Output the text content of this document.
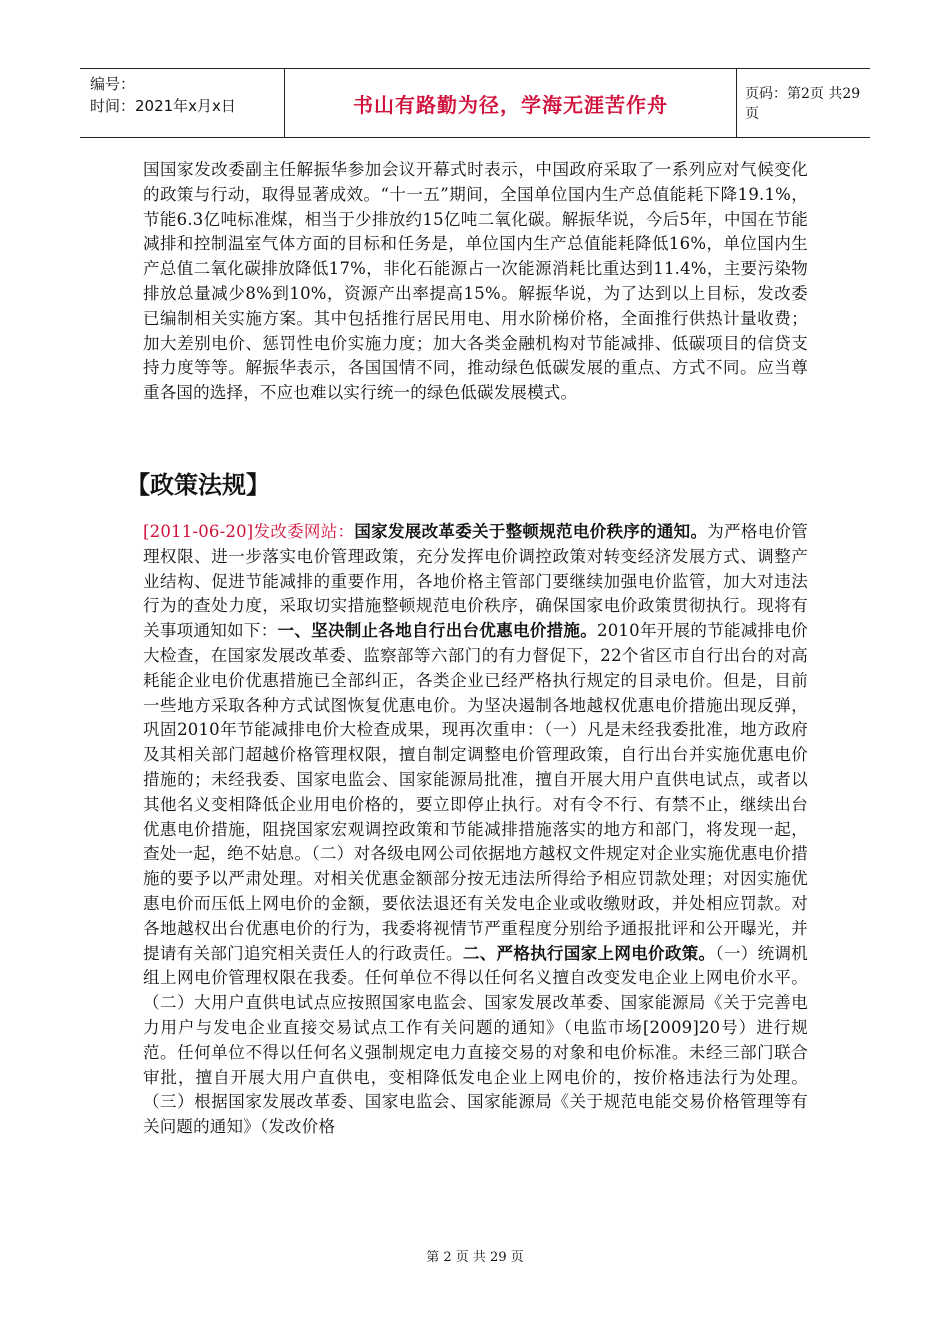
编号：
时间：2021年x月x日	书山有路勤为径，学海无涯苦作舟	页码：第2页 共29页

国国家发改委副主任解振华参加会议开幕式时表示，中国政府采取了一系列应对气候变化的政策与行动，取得显著成效。“十一五”期间，全国单位国内生产总值能耗下降19.1%，节能6.3亿吨标准煤，相当于少排放约15亿吨二氧化碳。解振华说，今后5年，中国在节能减排和控制温室气体方面的目标和任务是，单位国内生产总值能耗降低16%，单位国内生产总值二氧化碳排放降低17%，非化石能源占一次能源消耗比重达到11.4%，主要污染物排放总量减少8%到10%，资源产出率提高15%。解振华说，为了达到以上目标，发改委已编制相关实施方案。其中包括推行居民用电、用水阶梯价格，全面推行供热计量收费；加大差别电价、惩罚性电价实施力度；加大各类金融机构对节能减排、低碳项目的信贷支持力度等等。解振华表示，各国国情不同，推动绿色低碳发展的重点、方式不同。应当尊重各国的选择，不应也难以实行统一的绿色低碳发展模式。

【政策法规】

[2011-06-20]发改委网站：国家发展改革委关于整顿规范电价秩序的通知。为严格电价管理权限、进一步落实电价管理政策，充分发挥电价调控政策对转变经济发展方式、调整产业结构、促进节能减排的重要作用，各地价格主管部门要继续加强电价监管，加大对违法行为的查处力度，采取切实措施整顿规范电价秩序，确保国家电价政策贯彻执行。现将有关事项通知如下：一、坚决制止各地自行出台优惠电价措施。2010年开展的节能减排电价大检查，在国家发展改革委、监察部等六部门的有力督促下，22个省区市自行出台的对高耗能企业电价优惠措施已全部纠正，各类企业已经严格执行规定的目录电价。但是，目前一些地方采取各种方式试图恢复优惠电价。为坚决遏制各地越权优惠电价措施出现反弹，巩固2010年节能减排电价大检查成果，现再次重申：（一）凡是未经我委批准，地方政府及其相关部门超越价格管理权限，擅自制定调整电价管理政策，自行出台并实施优惠电价措施的；未经我委、国家电监会、国家能源局批准，擅自开展大用户直供电试点，或者以其他名义变相降低企业用电价格的，要立即停止执行。对有令不行、有禁不止，继续出台优惠电价措施，阻挠国家宏观调控政策和节能减排措施落实的地方和部门，将发现一起，查处一起，绝不姑息。（二）对各级电网公司依据地方越权文件规定对企业实施优惠电价措施的要予以严肃处理。对相关优惠金额部分按无违法所得给予相应罚款处理；对因实施优惠电价而压低上网电价的金额，要依法退还有关发电企业或收缴财政，并处相应罚款。对各地越权出台优惠电价的行为，我委将视情节严重程度分别给予通报批评和公开曝光，并提请有关部门追究相关责任人的行政责任。二、严格执行国家上网电价政策。（一）统调机组上网电价管理权限在我委。任何单位不得以任何名义擅自改变发电企业上网电价水平。（二）大用户直供电试点应按照国家电监会、国家发展改革委、国家能源局《关于完善电力用户与发电企业直接交易试点工作有关问题的通知》（电监市场[2009]20号）进行规范。任何单位不得以任何名义强制规定电力直接交易的对象和电价标准。未经三部门联合审批，擅自开展大用户直供电，变相降低发电企业上网电价的，按价格违法行为处理。（三）根据国家发展改革委、国家电监会、国家能源局《关于规范电能交易价格管理等有关问题的通知》（发改价格

第 2 页 共 29 页
